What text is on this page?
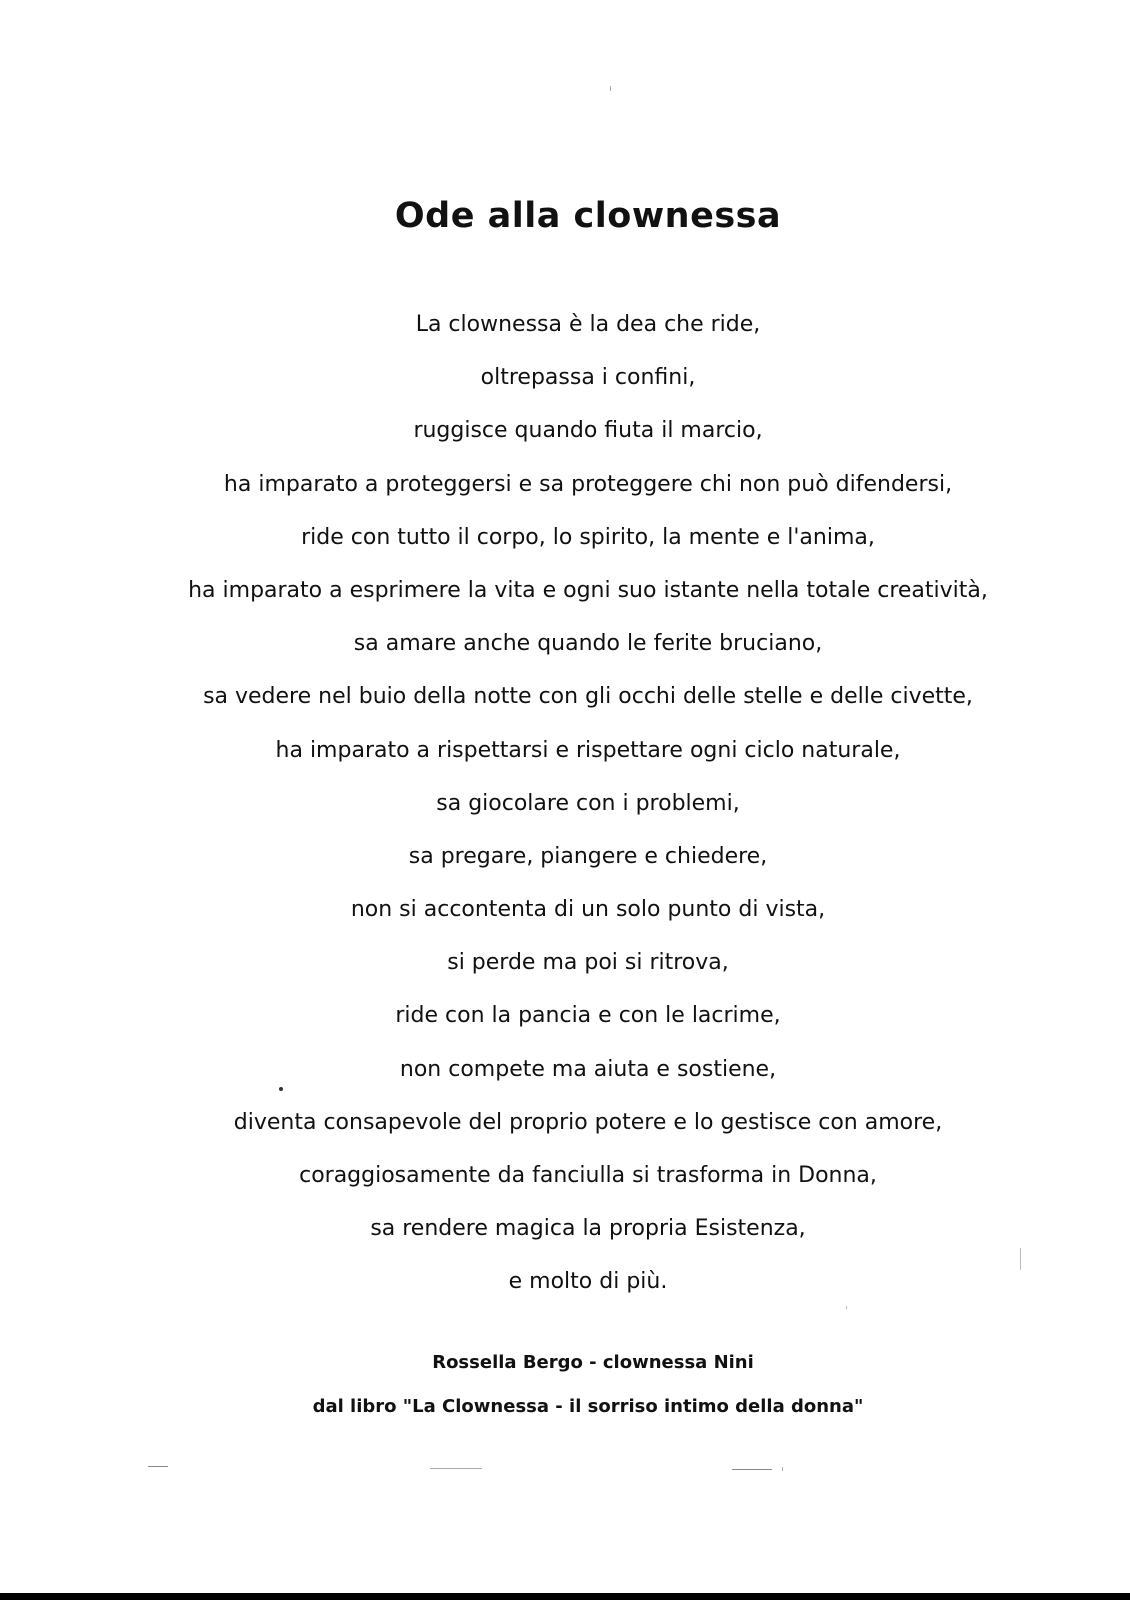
Ode alla clownessa
La clownessa è la dea che ride,
oltrepassa i confini,
ruggisce quando fiuta il marcio,
ha imparato a proteggersi e sa proteggere chi non può difendersi,
ride con tutto il corpo, lo spirito, la mente e l'anima,
ha imparato a esprimere la vita e ogni suo istante nella totale creatività,
sa amare anche quando le ferite bruciano,
sa vedere nel buio della notte con gli occhi delle stelle e delle civette,
ha imparato a rispettarsi e rispettare ogni ciclo naturale,
sa giocolare con i problemi,
sa pregare, piangere e chiedere,
non si accontenta di un solo punto di vista,
si perde ma poi si ritrova,
ride con la pancia e con le lacrime,
non compete ma aiuta e sostiene,
diventa consapevole del proprio potere e lo gestisce con amore,
coraggiosamente da fanciulla si trasforma in Donna,
sa rendere magica la propria Esistenza,
e molto di più.
Rossella Bergo - clownessa Nini
dal libro "La Clownessa - il sorriso intimo della donna"
